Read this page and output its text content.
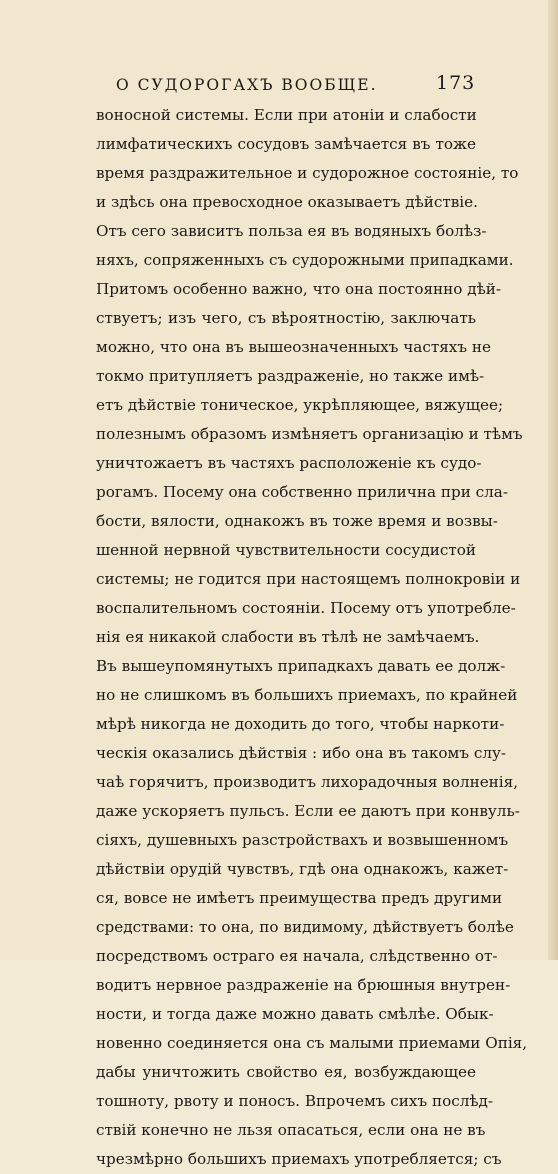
О СУДОРОГАХЪ ВООБЩЕ.	173
воносной системы. Если при атоніи и слабости
лимфатическихъ сосудовъ замѣчается въ тоже
время раздражительное и судорожное состояніе, то
и здѣсь она превосходное оказываетъ дѣйствіе.
Отъ сего зависитъ польза ея въ водяныхъ болѣз-
няхъ, сопряженныхъ съ судорожными припадками.
Притомъ особенно важно, что она постоянно дѣй-
ствуетъ; изъ чего, съ вѣроятностію, заключать
можно, что она въ вышеозначенныхъ частяхъ не
токмо притупляетъ раздраженіе, но также имѣ-
етъ дѣйствіе тоническое, укрѣпляющее, вяжущее;
полезнымъ образомъ измѣняетъ организацію и тѣмъ
уничтожаетъ въ частяхъ расположеніе къ судо-
рогамъ. Посему она собственно прилична при сла-
бости, вялости, однакожъ въ тоже время и возвы-
шенной нервной чувствительности сосудистой
системы; не годится при настоящемъ полнокровіи и
воспалительномъ состояніи. Посему отъ употребле-
нія ея никакой слабости въ тѣлѣ не замѣчаемъ.
Въ вышеупомянутыхъ припадкахъ давать ее долж-
но не слишкомъ въ большихъ приемахъ, по крайней
мѣрѣ никогда не доходить до того, чтобы наркоти-
ческія оказались дѣйствія : ибо она въ такомъ слу-
чаѣ горячитъ, производитъ лихорадочныя волненія,
даже ускоряетъ пульсъ. Если ее даютъ при конвуль-
сіяхъ, душевныхъ разстройствахъ и возвышенномъ
дѣйствіи орудій чувствъ, гдѣ она однакожъ, кажет-
ся, вовсе не имѣетъ преимущества предъ другими
средствами: то она, по видимому, дѣйствуетъ болѣе
посредствомъ остраго ея начала, слѣдственно от-
водитъ нервное раздраженіе на брюшныя внутрен-
ности, и тогда даже можно давать смѣлѣе. Обык-
новенно соединяется она съ малыми приемами Опія,
дабы уничтожить свойство ея, возбуждающее
тошноту, рвоту и поносъ. Впрочемъ сихъ послѣд-
ствій конечно не льзя опасаться, если она не въ
чрезмѣрно большихъ приемахъ употребляется; съ
